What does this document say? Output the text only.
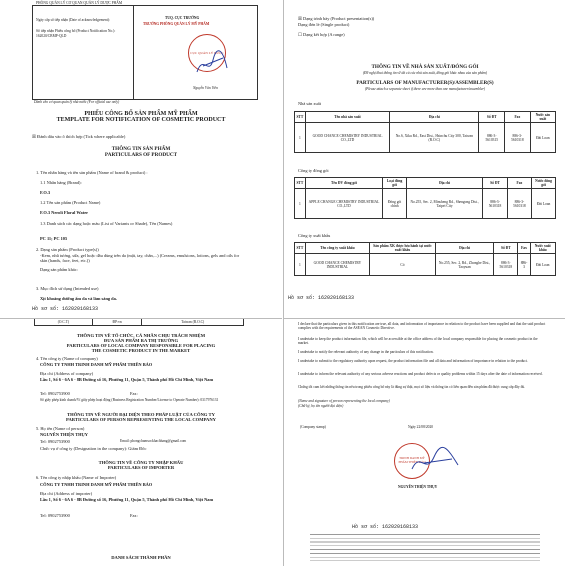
PHÒNG QUẢN LÝ CƠ QUAN QUẢN LÝ DƯỢC PHẨM
Ngày cấp số tiếp nhận (Date of acknowledgement):
Số tiếp nhận Phiếu công bố (Product Notification No.):
162020/CBMP-QLD
TUQ. CỤC TRƯỞNG
TRƯỞNG PHÒNG QUẢN LÝ MỸ PHẨM
CỤC QUẢN LÝ DƯỢC
Nguyễn Văn Viên
Dành cho cơ quan quản lý nhà nước (For official use only)
PHIẾU CÔNG BỐ SẢN PHẨM MỸ PHẨM
TEMPLATE FOR NOTIFICATION OF COSMETIC PRODUCT
☒ Đánh dấu vào ô thích hợp (Tick where applicable)
THÔNG TIN SẢN PHẨM
PARTICULARS OF PRODUCT
1. Tên nhãn hàng và tên sản phẩm (Name of brand & product) :
1.1 Nhãn hàng (Brand):
F.O.3
1.2 Tên sản phẩm (Product Name)
F.O.3 Neroli Floral Water
1.3 Danh sách các dạng hoặc màu (List of Variants or Shade), Tên (Names)
PC 11; PC 105
2. Dạng sản phẩm (Product type(s))
-Kem, nhũ tương, sữa, gel hoặc dầu dùng trên da (mặt, tay, chân,...) (Creams, emulsions, lotions, gels and oils for skin (hands, face, feet, etc.))
Dạng sản phẩm khác:
3. Mục đích sử dụng (Intended use)
Xịt khoáng dưỡng ẩm da và làm sáng da.
Hồ sơ số: 162020168133
(O.C.T)	ĐP:vn	Taiwan (R.O.C)
THÔNG TIN VỀ TỔ CHỨC, CÁ NHÂN CHỊU TRÁCH NHIỆM
ĐƯA SẢN PHẨM RA THỊ TRƯỜNG
PARTICULARS OF LOCAL COMPANY RESPONSIBLE FOR PLACING
THE COSMETIC PRODUCT IN THE MARKET
4. Tên công ty (Name of company)
CÔNG TY TNHH TRINH DANH MỸ PHẨM THIÊN BẢO
Địa chỉ (Address of company)
Lầu 1, Số 6 - 6A 6 - 8B Đường số 16, Phường 11, Quận 5, Thành phố Hồ Chí Minh, Việt Nam
Tel: 0902753900	Fax:
Số giấy phép kinh doanh/Ví giấy phép hoạt động (Business Registration Number/License to Operate Number): 0317976131
THÔNG TIN VỀ NGƯỜI ĐẠI DIỆN THEO PHÁP LUẬT CỦA CÔNG TY
PARTICULARS OF PERSON REPRESENTING THE LOCAL COMPANY
5. Họ tên (Name of person)
NGUYỄN THIỆN THỤY
Tel: 0902753900	Email: phongchamsockhachhang@gmail.com
Chức vụ ở công ty (Designation in the company): Giám Đốc
THÔNG TIN VỀ CÔNG TY NHẬP KHẨU
PARTICULARS OF IMPORTER
6. Tên công ty nhập khẩu (Name of Importer)
CÔNG TY TNHH TRINH DANH MỸ PHẨM THIÊN BẢO
Địa chỉ (Address of importer)
Lầu 1, Số 6 - 6A 6 - 8B Đường số 16, Phường 11, Quận 5, Thành phố Hồ Chí Minh, Việt Nam
Tel: 0902753900	Fax:
DANH SÁCH THÀNH PHẦN
☒ Dạng trình bày (Product presentation(s))
Dạng đơn lẻ (Single product)
☐ Dạng kết hợp (A range)
THÔNG TIN VỀ NHÀ SẢN XUẤT/ĐÓNG GÓI
(Đề nghị khai thông tin về tất cả các nhà sản xuất, đóng gói khác nhau của sản phẩm)
PARTICULARS OF MANUFACTURER(S)/ASSEMBLER(S)
(Please attach a separate sheet if there are more than one manufacturer/assembler)
Nhà sản xuất
STT	Tên nhà sản xuất	Địa chỉ	Số ĐT	Fax	Nước sản xuất
1	GOOD CHANCE CHEMISTRY INDUSTRIAL CO.,LTD	No.6, Xiku Rd., East Dist., Hsinchu City 300, Taiwan (R.O.C)	886-3-5610315	886-3-5610318	Đài Loan
Công ty đóng gói
STT	Tên ĐV đóng gói	Loại đóng gói	Địa chỉ	Số ĐT	Fax	Nước đóng gói
1	APPLE CHANGE CHEMISTRY INDUSTRIAL CO.,LTD	Đóng gói chính	No.255, Sec. 2, Minsheng Rd., Shengong Dist., Taipei City	886-3-5610318	886-3-5610318	Đài Loan
Công ty xuất khẩu
STT	Tên công ty xuất khẩu	Sản phẩm XK được lưu hành tại nước xuất khẩu	Địa chỉ	Số ĐT	Fax	Nước xuất khẩu
1	GOOD CHANCE CHEMISTRY INDUSTRIAL	Có	No.255, Sec. 2, Rd., Zhonghe Dist., Taoyuan	886-3-5610318	886-3	Đài Loan
Hồ sơ số: 162020168133
I declare that the particulars given in this notification are true, all data, and information of importance in relation to the product have been supplied and that the said product complies with the requirements of the ASEAN Cosmetic Directive.
I undertake to keep the product information file, which will be accessible at the office address of the local company responsible for placing the cosmetic product in the market.
I undertake to notify the relevant authority of any change in the particulars of this notification.
I undertake to submit to the regulatory authority upon request, the product information file and all data and information of importance in relation to the product.
I undertake to inform the relevant authority of any serious adverse reactions and product defects or quality problems within 15 days after the date of information received.
Chứng tôi cam kết những thông tin nêu trong phiếu công bố này là đúng sự thật, mọi số liệu và thông tin có liên quan đến sản phẩm đã được cung cấp đầy đủ.
(Name and signature of person representing the local company)
(Chữ ký, họ tên người đại diện)
(Company stamp)	Ngày 22/08/2020
TRINH DANH MỸ PHẨM THIÊN BẢO
NGUYỄN THIỆN THỤY
Hồ sơ số: 162020168133
